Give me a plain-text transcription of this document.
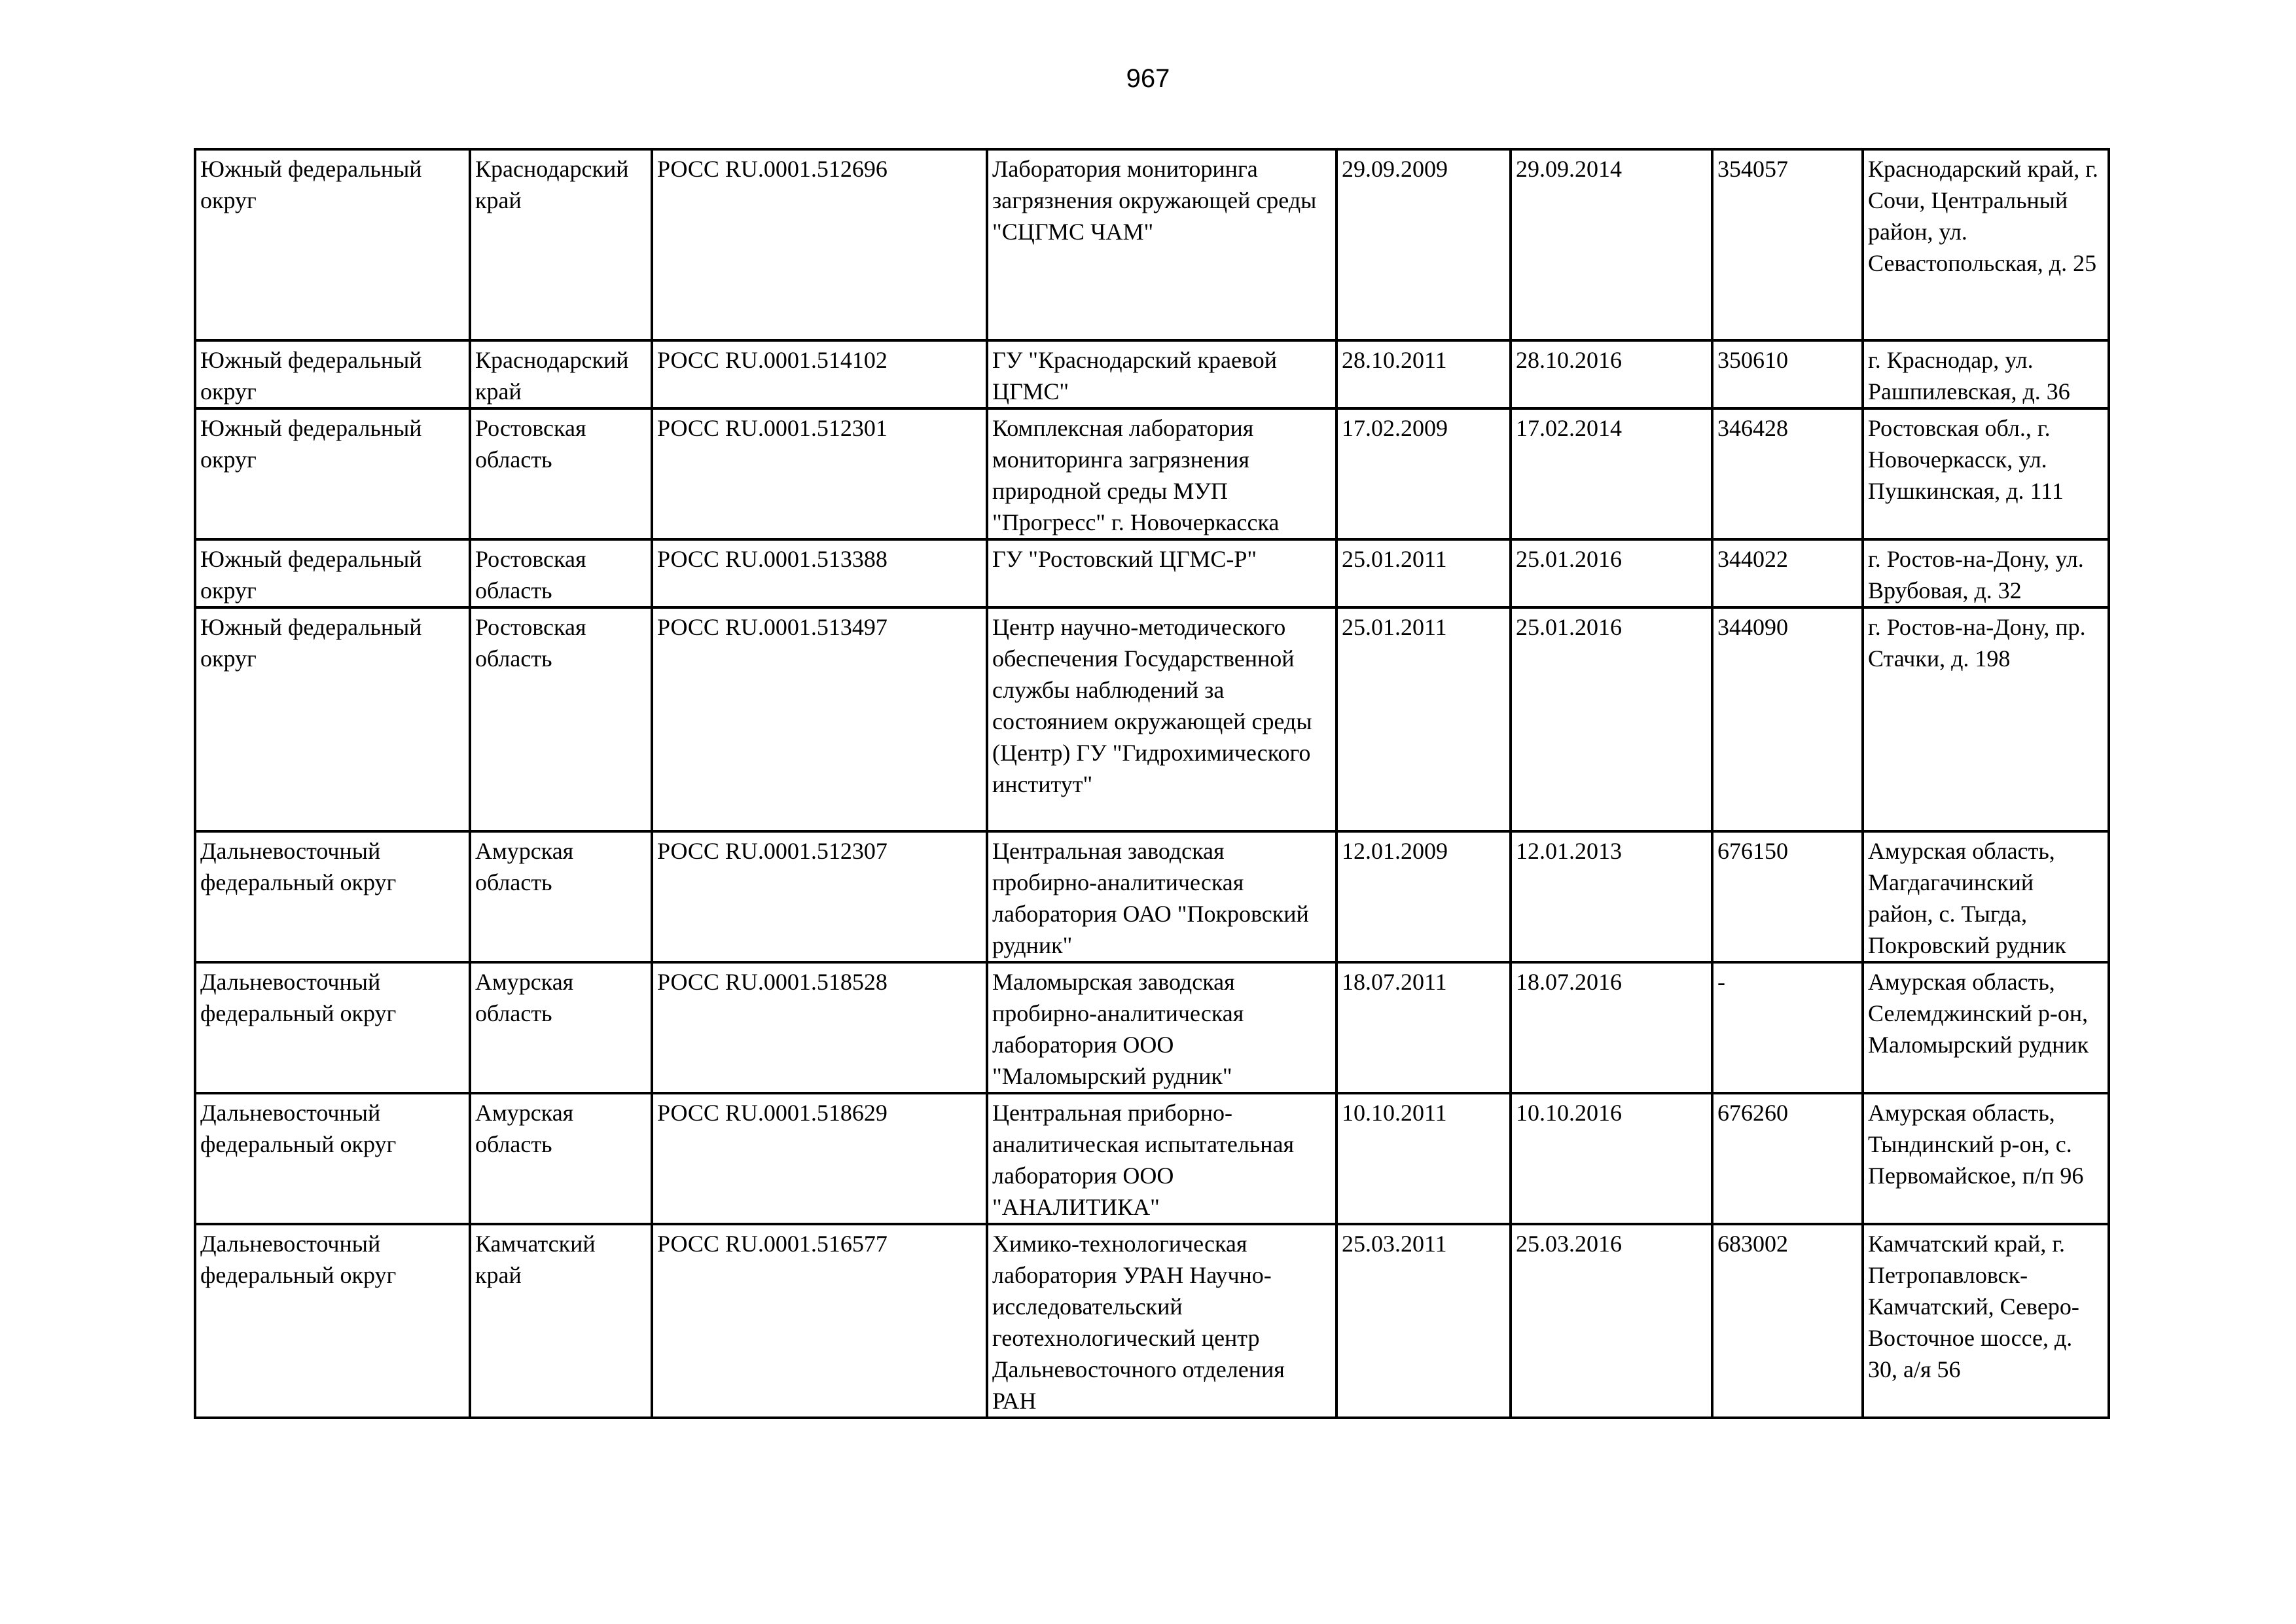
967
Южный федеральный округ	Краснодарский край	РОСС RU.0001.512696	Лаборатория мониторинга загрязнения окружающей среды "СЦГМС ЧАМ"	29.09.2009	29.09.2014	354057	Краснодарский край, г. Сочи, Центральный район, ул. Севастопольская, д. 25
Южный федеральный округ	Краснодарский край	РОСС RU.0001.514102	ГУ "Краснодарский краевой ЦГМС"	28.10.2011	28.10.2016	350610	г. Краснодар, ул. Рашпилевская, д. 36
Южный федеральный округ	Ростовская область	РОСС RU.0001.512301	Комплексная лаборатория мониторинга загрязнения природной среды МУП "Прогресс" г. Новочеркасска	17.02.2009	17.02.2014	346428	Ростовская обл., г. Новочеркасск, ул. Пушкинская, д. 111
Южный федеральный округ	Ростовская область	РОСС RU.0001.513388	ГУ "Ростовский ЦГМС-Р"	25.01.2011	25.01.2016	344022	г. Ростов-на-Дону, ул. Врубовая, д. 32
Южный федеральный округ	Ростовская область	РОСС RU.0001.513497	Центр научно-методического обеспечения Государственной службы наблюдений за состоянием окружающей среды (Центр) ГУ "Гидрохимического институт"	25.01.2011	25.01.2016	344090	г. Ростов-на-Дону, пр. Стачки, д. 198
Дальневосточный федеральный округ	Амурская область	РОСС RU.0001.512307	Центральная заводская пробирно-аналитическая лаборатория ОАО "Покровский рудник"	12.01.2009	12.01.2013	676150	Амурская область, Магдагачинский район, с. Тыгда, Покровский рудник
Дальневосточный федеральный округ	Амурская область	РОСС RU.0001.518528	Маломырская заводская пробирно-аналитическая лаборатория ООО "Маломырский рудник"	18.07.2011	18.07.2016	-	Амурская область, Селемджинский р-он, Маломырский рудник
Дальневосточный федеральный округ	Амурская область	РОСС RU.0001.518629	Центральная приборно-аналитическая испытательная лаборатория ООО "АНАЛИТИКА"	10.10.2011	10.10.2016	676260	Амурская область, Тындинский р-он, с. Первомайское, п/п 96
Дальневосточный федеральный округ	Камчатский край	РОСС RU.0001.516577	Химико-технологическая лаборатория УРАН Научно-исследовательский геотехнологический центр Дальневосточного отделения РАН	25.03.2011	25.03.2016	683002	Камчатский край, г. Петропавловск-Камчатский, Северо-Восточное шоссе, д. 30, а/я 56
